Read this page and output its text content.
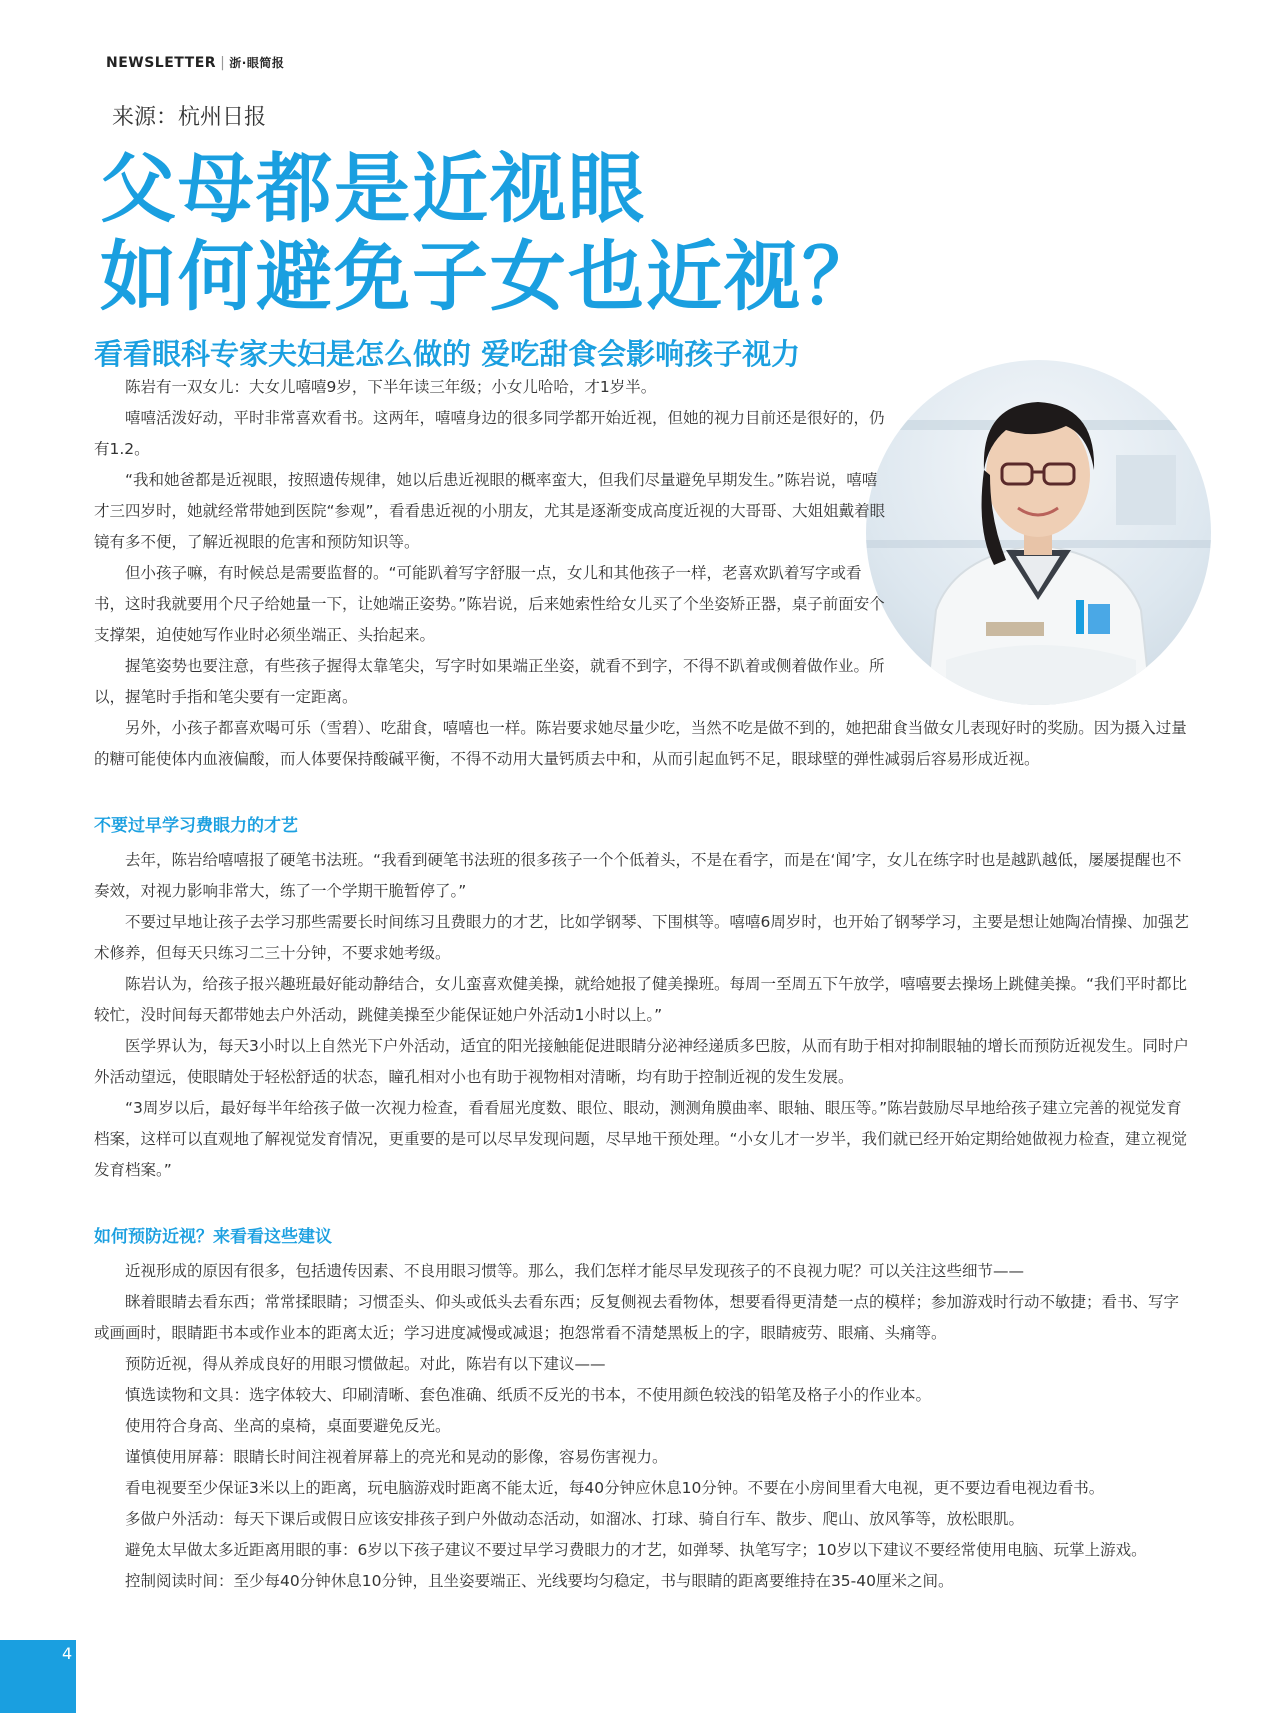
NEWSLETTER | 浙·眼简报
来源：杭州日报
父母都是近视眼
如何避免子女也近视？
看看眼科专家夫妇是怎么做的 爱吃甜食会影响孩子视力

陈岩有一双女儿：大女儿嘻嘻9岁，下半年读三年级；小女儿哈哈，才1岁半。

嘻嘻活泼好动，平时非常喜欢看书。这两年，嘻嘻身边的很多同学都开始近视，但她的视力目前还是很好的，仍有1.2。

“我和她爸都是近视眼，按照遗传规律，她以后患近视眼的概率蛮大，但我们尽量避免早期发生。”陈岩说，嘻嘻才三四岁时，她就经常带她到医院“参观”，看看患近视的小朋友，尤其是逐渐变成高度近视的大哥哥、大姐姐戴着眼镜有多不便，了解近视眼的危害和预防知识等。

但小孩子嘛，有时候总是需要监督的。“可能趴着写字舒服一点，女儿和其他孩子一样，老喜欢趴着写字或看书，这时我就要用个尺子给她量一下，让她端正姿势。”陈岩说，后来她索性给女儿买了个坐姿矫正器，桌子前面安个支撑架，迫使她写作业时必须坐端正、头抬起来。

握笔姿势也要注意，有些孩子握得太靠笔尖，写字时如果端正坐姿，就看不到字，不得不趴着或侧着做作业。所以，握笔时手指和笔尖要有一定距离。

另外，小孩子都喜欢喝可乐（雪碧）、吃甜食，嘻嘻也一样。陈岩要求她尽量少吃，当然不吃是做不到的，她把甜食当做女儿表现好时的奖励。因为摄入过量的糖可能使体内血液偏酸，而人体要保持酸碱平衡，不得不动用大量钙质去中和，从而引起血钙不足，眼球壁的弹性减弱后容易形成近视。

不要过早学习费眼力的才艺

去年，陈岩给嘻嘻报了硬笔书法班。“我看到硬笔书法班的很多孩子一个个低着头，不是在看字，而是在‘闻’字，女儿在练字时也是越趴越低，屡屡提醒也不奏效，对视力影响非常大，练了一个学期干脆暂停了。”

不要过早地让孩子去学习那些需要长时间练习且费眼力的才艺，比如学钢琴、下围棋等。嘻嘻6周岁时，也开始了钢琴学习，主要是想让她陶冶情操、加强艺术修养，但每天只练习二三十分钟，不要求她考级。

陈岩认为，给孩子报兴趣班最好能动静结合，女儿蛮喜欢健美操，就给她报了健美操班。每周一至周五下午放学，嘻嘻要去操场上跳健美操。“我们平时都比较忙，没时间每天都带她去户外活动，跳健美操至少能保证她户外活动1小时以上。”

医学界认为，每天3小时以上自然光下户外活动，适宜的阳光接触能促进眼睛分泌神经递质多巴胺，从而有助于相对抑制眼轴的增长而预防近视发生。同时户外活动望远，使眼睛处于轻松舒适的状态，瞳孔相对小也有助于视物相对清晰，均有助于控制近视的发生发展。

“3周岁以后，最好每半年给孩子做一次视力检查，看看屈光度数、眼位、眼动，测测角膜曲率、眼轴、眼压等。”陈岩鼓励尽早地给孩子建立完善的视觉发育档案，这样可以直观地了解视觉发育情况，更重要的是可以尽早发现问题，尽早地干预处理。“小女儿才一岁半，我们就已经开始定期给她做视力检查，建立视觉发育档案。”

如何预防近视？来看看这些建议

近视形成的原因有很多，包括遗传因素、不良用眼习惯等。那么，我们怎样才能尽早发现孩子的不良视力呢？可以关注这些细节——

眯着眼睛去看东西；常常揉眼睛；习惯歪头、仰头或低头去看东西；反复侧视去看物体，想要看得更清楚一点的模样；参加游戏时行动不敏捷；看书、写字或画画时，眼睛距书本或作业本的距离太近；学习进度减慢或减退；抱怨常看不清楚黑板上的字，眼睛疲劳、眼痛、头痛等。

预防近视，得从养成良好的用眼习惯做起。对此，陈岩有以下建议——

慎选读物和文具：选字体较大、印刷清晰、套色准确、纸质不反光的书本，不使用颜色较浅的铅笔及格子小的作业本。

使用符合身高、坐高的桌椅，桌面要避免反光。

谨慎使用屏幕：眼睛长时间注视着屏幕上的亮光和晃动的影像，容易伤害视力。

看电视要至少保证3米以上的距离，玩电脑游戏时距离不能太近，每40分钟应休息10分钟。不要在小房间里看大电视，更不要边看电视边看书。

多做户外活动：每天下课后或假日应该安排孩子到户外做动态活动，如溜冰、打球、骑自行车、散步、爬山、放风筝等，放松眼肌。

避免太早做太多近距离用眼的事：6岁以下孩子建议不要过早学习费眼力的才艺，如弹琴、执笔写字；10岁以下建议不要经常使用电脑、玩掌上游戏。

控制阅读时间：至少每40分钟休息10分钟，且坐姿要端正、光线要均匀稳定，书与眼睛的距离要维持在35-40厘米之间。

4
